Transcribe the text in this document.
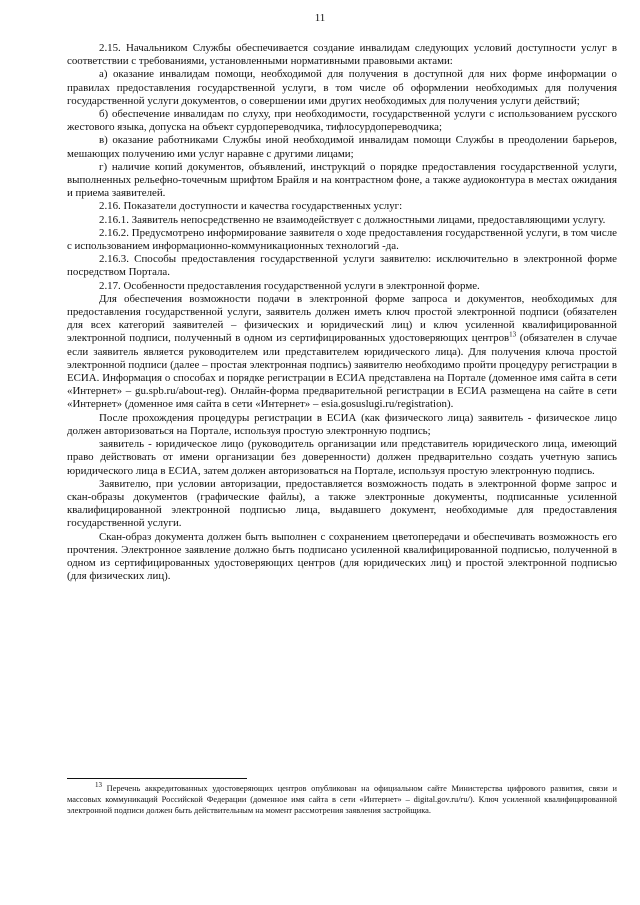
11

2.15. Начальником Службы обеспечивается создание инвалидам следующих условий доступности услуг в соответствии с требованиями, установленными нормативными правовыми актами:

а) оказание инвалидам помощи, необходимой для получения в доступной для них форме информации о правилах предоставления государственной услуги, в том числе об оформлении необходимых для получения государственной услуги документов, о совершении ими других необходимых для получения услуги действий;

б) обеспечение инвалидам по слуху, при необходимости, государственной услуги с использованием русского жестового языка, допуска на объект сурдопереводчика, тифлосурдопереводчика;

в) оказание работниками Службы иной необходимой инвалидам помощи Службы в преодолении барьеров, мешающих получению ими услуг наравне с другими лицами;

г) наличие копий документов, объявлений, инструкций о порядке предоставления государственной услуги, выполненных рельефно-точечным шрифтом Брайля и на контрастном фоне, а также аудиоконтура в местах ожидания и приема заявителей.

2.16. Показатели доступности и качества государственных услуг:

2.16.1. Заявитель непосредственно не взаимодействует с должностными лицами, предоставляющими услугу.

2.16.2. Предусмотрено информирование заявителя о ходе предоставления государственной услуги, в том числе с использованием информационно-коммуникационных технологий -да.

2.16.3. Способы предоставления государственной услуги заявителю: исключительно в электронной форме посредством Портала.

2.17. Особенности предоставления государственной услуги в электронной форме.

Для обеспечения возможности подачи в электронной форме запроса и документов, необходимых для предоставления государственной услуги, заявитель должен иметь ключ простой электронной подписи (обязателен для всех категорий заявителей – физических и юридический лиц) и ключ усиленной квалифицированной электронной подписи, полученный в одном из сертифицированных удостоверяющих центров$^{13}$ (обязателен в случае если заявитель является руководителем или представителем юридического лица). Для получения ключа простой электронной подписи (далее – простая электронная подпись) заявителю необходимо пройти процедуру регистрации в ЕСИА. Информация о способах и порядке регистрации в ЕСИА представлена на Портале (доменное имя сайта в сети «Интернет» – gu.spb.ru/about-reg). Онлайн-форма предварительной регистрации в ЕСИА размещена на сайте в сети «Интернет» (доменное имя сайта в сети «Интернет» – esia.gosuslugi.ru/registration).

После прохождения процедуры регистрации в ЕСИА (как физического лица) заявитель - физическое лицо должен авторизоваться на Портале, используя простую электронную подпись;

заявитель - юридическое лицо (руководитель организации или представитель юридического лица, имеющий право действовать от имени организации без доверенности) должен предварительно создать учетную запись юридического лица в ЕСИА, затем должен авторизоваться на Портале, используя простую электронную подпись.

Заявителю, при условии авторизации, предоставляется возможность подать в электронной форме запрос и скан-образы документов (графические файлы), а также электронные документы, подписанные усиленной квалифицированной электронной подписью лица, выдавшего документ, необходимые для предоставления государственной услуги.

Скан-образ документа должен быть выполнен с сохранением цветопередачи и обеспечивать возможность его прочтения. Электронное заявление должно быть подписано усиленной квалифицированной подписью, полученной в одном из сертифицированных удостоверяющих центров (для юридических лиц) и простой электронной подписью (для физических лиц).

$^{13}$ Перечень аккредитованных удостоверяющих центров опубликован на официальном сайте Министерства цифрового развития, связи и массовых коммуникаций Российской Федерации (доменное имя сайта в сети «Интернет» – digital.gov.ru/ru/). Ключ усиленной квалифицированной электронной подписи должен быть действительным на момент рассмотрения заявления застройщика.
